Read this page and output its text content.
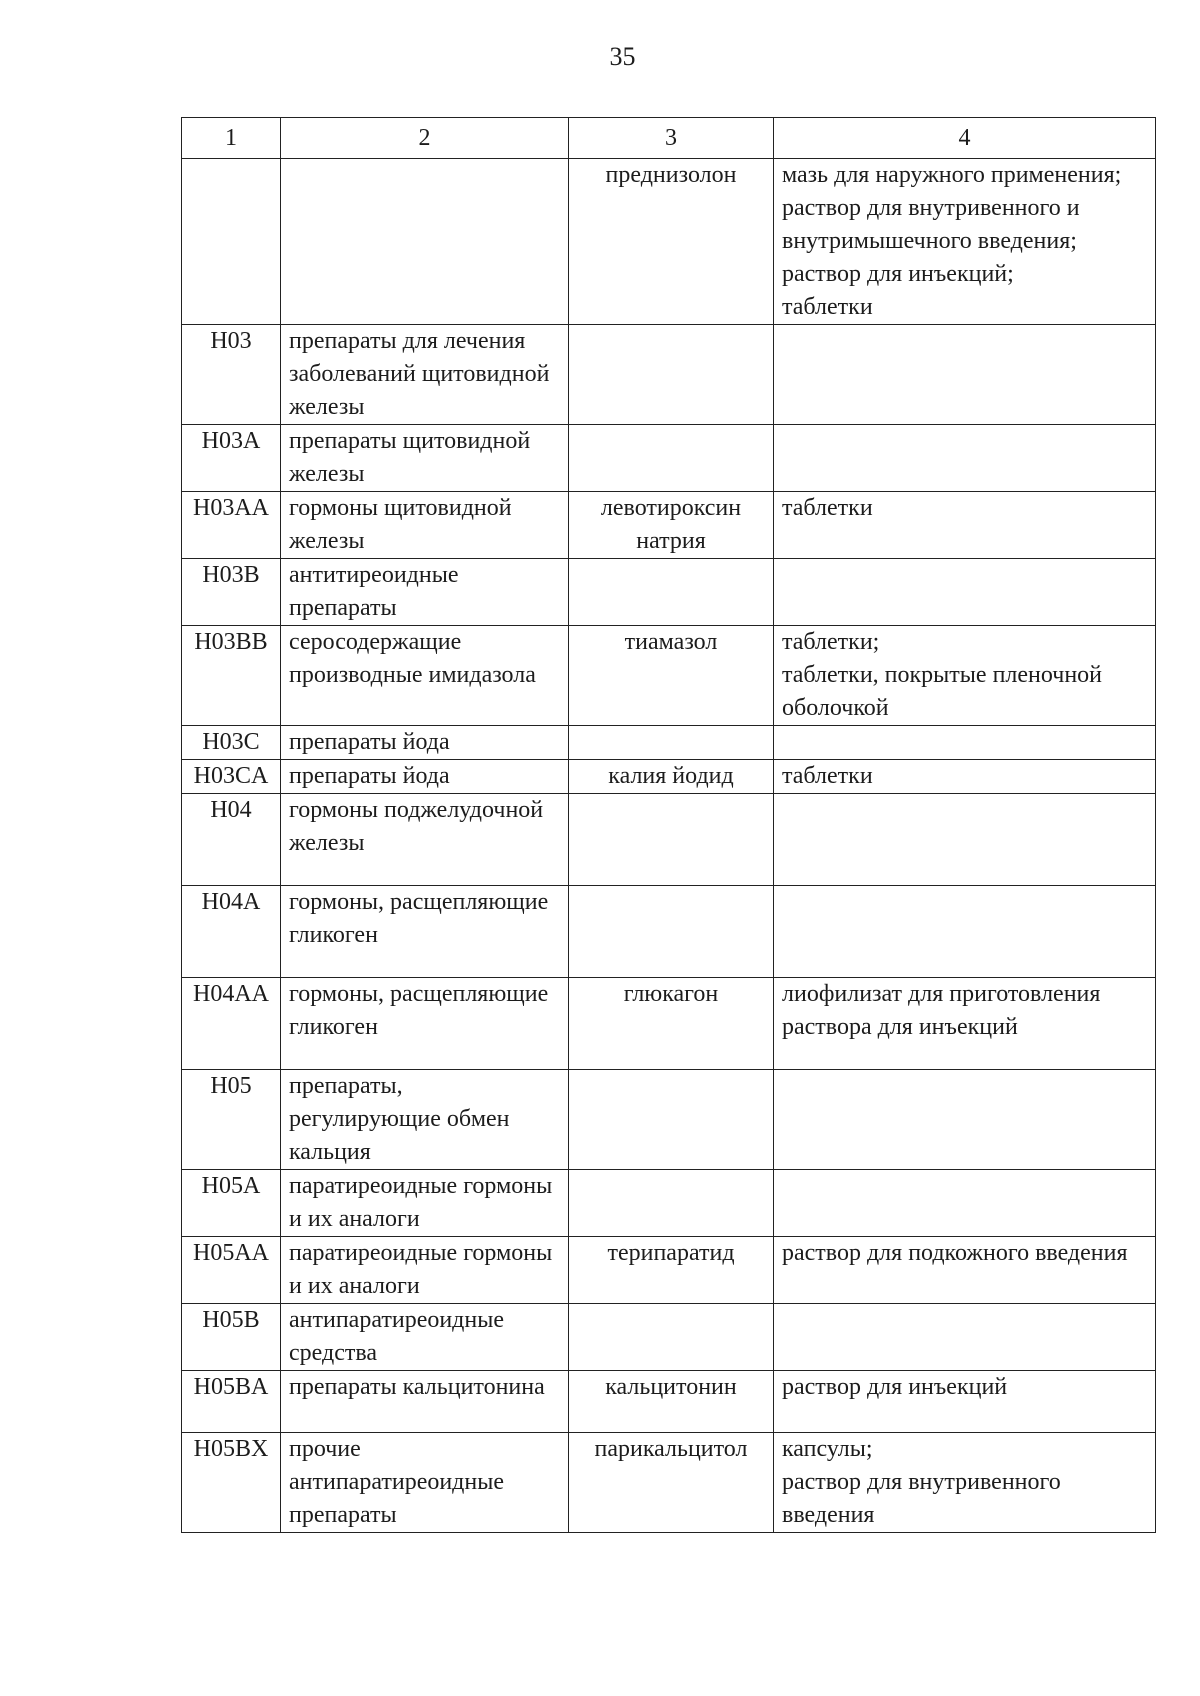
35
1	2	3	4
		преднизолон	мазь для наружного применения;
раствор для внутривенного и внутримышечного введения;
раствор для инъекций;
таблетки
H03	препараты для лечения заболеваний щитовидной железы		
H03A	препараты щитовидной железы		
H03AA	гормоны щитовидной железы	левотироксин натрия	таблетки
H03B	антитиреоидные препараты		
H03BB	серосодержащие производные имидазола	тиамазол	таблетки;
таблетки, покрытые пленочной оболочкой
H03C	препараты йода		
H03CA	препараты йода	калия йодид	таблетки
H04	гормоны поджелудочной железы		
H04A	гормоны, расщепляющие гликоген		
H04AA	гормоны, расщепляющие гликоген	глюкагон	лиофилизат для приготовления раствора для инъекций
H05	препараты, регулирующие обмен кальция		
H05A	паратиреоидные гормоны и их аналоги		
H05AA	паратиреоидные гормоны и их аналоги	терипаратид	раствор для подкожного введения
H05B	антипаратиреоидные средства		
H05BA	препараты кальцитонина	кальцитонин	раствор для инъекций
H05BX	прочие антипаратиреоидные препараты	парикальцитол	капсулы;
раствор для внутривенного введения
